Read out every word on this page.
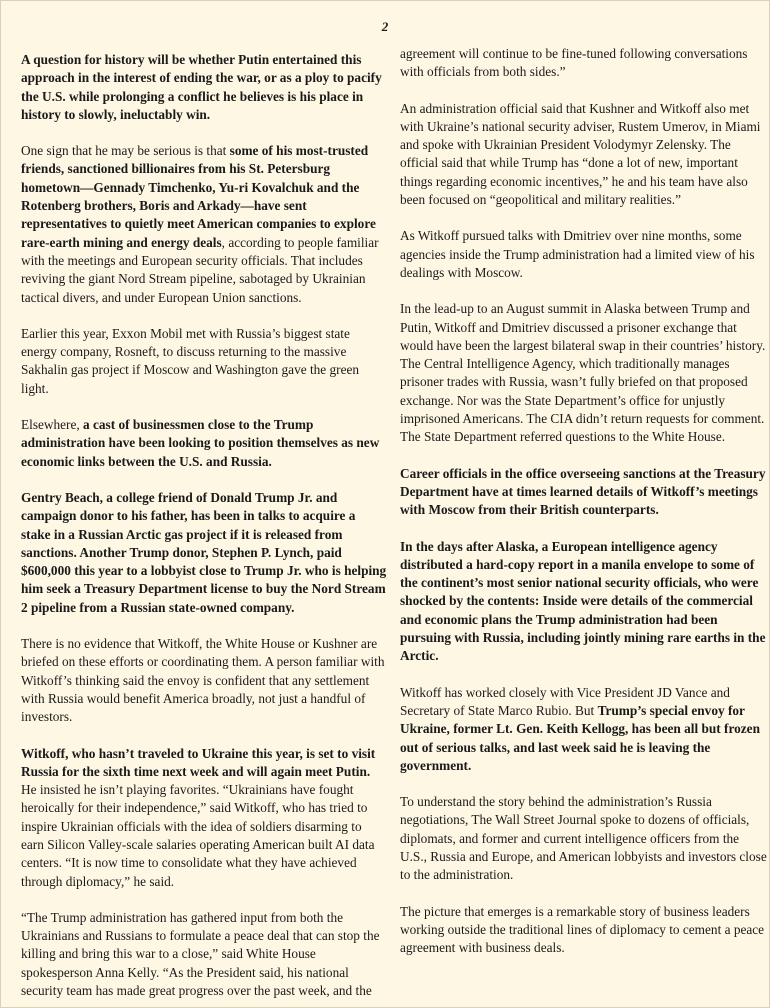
2

A question for history will be whether Putin entertained this approach in the interest of ending the war, or as a ploy to pacify the U.S. while prolonging a conflict he believes is his place in history to slowly, ineluctably win.

One sign that he may be serious is that some of his most-trusted friends, sanctioned billionaires from his St. Petersburg hometown—Gennady Timchenko, Yu-ri Kovalchuk and the Rotenberg brothers, Boris and Arkady—have sent representatives to quietly meet American companies to explore rare-earth mining and energy deals, according to people familiar with the meetings and European security officials. That includes reviving the giant Nord Stream pipeline, sabotaged by Ukrainian tactical divers, and under European Union sanctions.

Earlier this year, Exxon Mobil met with Russia’s biggest state energy company, Rosneft, to discuss returning to the massive Sakhalin gas project if Moscow and Washington gave the green light.

Elsewhere, a cast of businessmen close to the Trump administration have been looking to position themselves as new economic links between the U.S. and Russia.

Gentry Beach, a college friend of Donald Trump Jr. and campaign donor to his father, has been in talks to acquire a stake in a Russian Arctic gas project if it is released from sanctions. Another Trump donor, Stephen P. Lynch, paid $600,000 this year to a lobbyist close to Trump Jr. who is helping him seek a Treasury Department license to buy the Nord Stream 2 pipeline from a Russian state-owned company.

There is no evidence that Witkoff, the White House or Kushner are briefed on these efforts or coordinating them. A person familiar with Witkoff’s thinking said the envoy is confident that any settlement with Russia would benefit America broadly, not just a handful of investors.

Witkoff, who hasn’t traveled to Ukraine this year, is set to visit Russia for the sixth time next week and will again meet Putin. He insisted he isn’t playing favorites. “Ukrainians have fought heroically for their independence,” said Witkoff, who has tried to inspire Ukrainian officials with the idea of soldiers disarming to earn Silicon Valley-scale salaries operating American built AI data centers. “It is now time to consolidate what they have achieved through diplomacy,” he said.

“The Trump administration has gathered input from both the Ukrainians and Russians to formulate a peace deal that can stop the killing and bring this war to a close,” said White House spokesperson Anna Kelly. “As the President said, his national security team has made great progress over the past week, and the

agreement will continue to be fine-tuned following conversations with officials from both sides.”

An administration official said that Kushner and Witkoff also met with Ukraine’s national security adviser, Rustem Umerov, in Miami and spoke with Ukrainian President Volodymyr Zelensky. The official said that while Trump has “done a lot of new, important things regarding economic incentives,” he and his team have also been focused on “geopolitical and military realities.”

As Witkoff pursued talks with Dmitriev over nine months, some agencies inside the Trump administration had a limited view of his dealings with Moscow.

In the lead-up to an August summit in Alaska between Trump and Putin, Witkoff and Dmitriev discussed a prisoner exchange that would have been the largest bilateral swap in their countries’ history. The Central Intelligence Agency, which traditionally manages prisoner trades with Russia, wasn’t fully briefed on that proposed exchange. Nor was the State Department’s office for unjustly imprisoned Americans. The CIA didn’t return requests for comment. The State Department referred questions to the White House.

Career officials in the office overseeing sanctions at the Treasury Department have at times learned details of Witkoff’s meetings with Moscow from their British counterparts.

In the days after Alaska, a European intelligence agency distributed a hard-copy report in a manila envelope to some of the continent’s most senior national security officials, who were shocked by the contents: Inside were details of the commercial and economic plans the Trump administration had been pursuing with Russia, including jointly mining rare earths in the Arctic.

Witkoff has worked closely with Vice President JD Vance and Secretary of State Marco Rubio. But Trump’s special envoy for Ukraine, former Lt. Gen. Keith Kellogg, has been all but frozen out of serious talks, and last week said he is leaving the government.

To understand the story behind the administration’s Russia negotiations, The Wall Street Journal spoke to dozens of officials, diplomats, and former and current intelligence officers from the U.S., Russia and Europe, and American lobbyists and investors close to the administration.

The picture that emerges is a remarkable story of business leaders working outside the traditional lines of diplomacy to cement a peace agreement with business deals.
